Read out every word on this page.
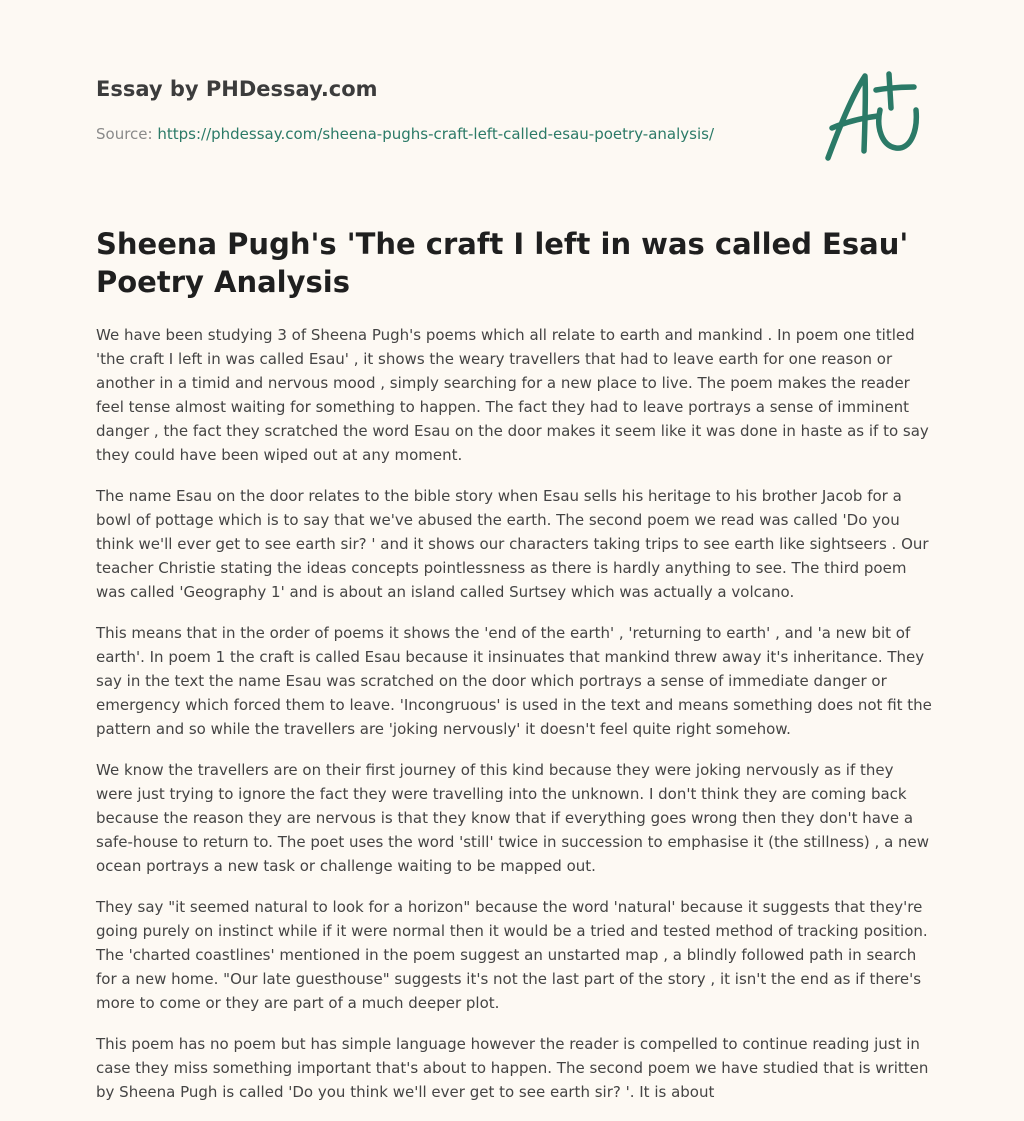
Essay by PHDessay.com
Source: https://phdessay.com/sheena-pughs-craft-left-called-esau-poetry-analysis/
Sheena Pugh's 'The craft I left in was called Esau' Poetry Analysis

We have been studying 3 of Sheena Pugh's poems which all relate to earth and mankind . In poem one titled 'the craft I left in was called Esau' , it shows the weary travellers that had to leave earth for one reason or another in a timid and nervous mood , simply searching for a new place to live. The poem makes the reader feel tense almost waiting for something to happen. The fact they had to leave portrays a sense of imminent danger , the fact they scratched the word Esau on the door makes it seem like it was done in haste as if to say they could have been wiped out at any moment.

The name Esau on the door relates to the bible story when Esau sells his heritage to his brother Jacob for a bowl of pottage which is to say that we've abused the earth. The second poem we read was called 'Do you think we'll ever get to see earth sir? ' and it shows our characters taking trips to see earth like sightseers . Our teacher Christie stating the ideas concepts pointlessness as there is hardly anything to see. The third poem was called 'Geography 1' and is about an island called Surtsey which was actually a volcano.

This means that in the order of poems it shows the 'end of the earth' , 'returning to earth' , and 'a new bit of earth'. In poem 1 the craft is called Esau because it insinuates that mankind threw away it's inheritance. They say in the text the name Esau was scratched on the door which portrays a sense of immediate danger or emergency which forced them to leave. 'Incongruous' is used in the text and means something does not fit the pattern and so while the travellers are 'joking nervously' it doesn't feel quite right somehow.

We know the travellers are on their first journey of this kind because they were joking nervously as if they were just trying to ignore the fact they were travelling into the unknown. I don't think they are coming back because the reason they are nervous is that they know that if everything goes wrong then they don't have a safe-house to return to. The poet uses the word 'still' twice in succession to emphasise it (the stillness) , a new ocean portrays a new task or challenge waiting to be mapped out.

They say "it seemed natural to look for a horizon" because the word 'natural' because it suggests that they're going purely on instinct while if it were normal then it would be a tried and tested method of tracking position. The 'charted coastlines' mentioned in the poem suggest an unstarted map , a blindly followed path in search for a new home. "Our late guesthouse" suggests it's not the last part of the story , it isn't the end as if there's more to come or they are part of a much deeper plot.

This poem has no poem but has simple language however the reader is compelled to continue reading just in case they miss something important that's about to happen. The second poem we have studied that is written by Sheena Pugh is called 'Do you think we'll ever get to see earth sir? '. It is about
